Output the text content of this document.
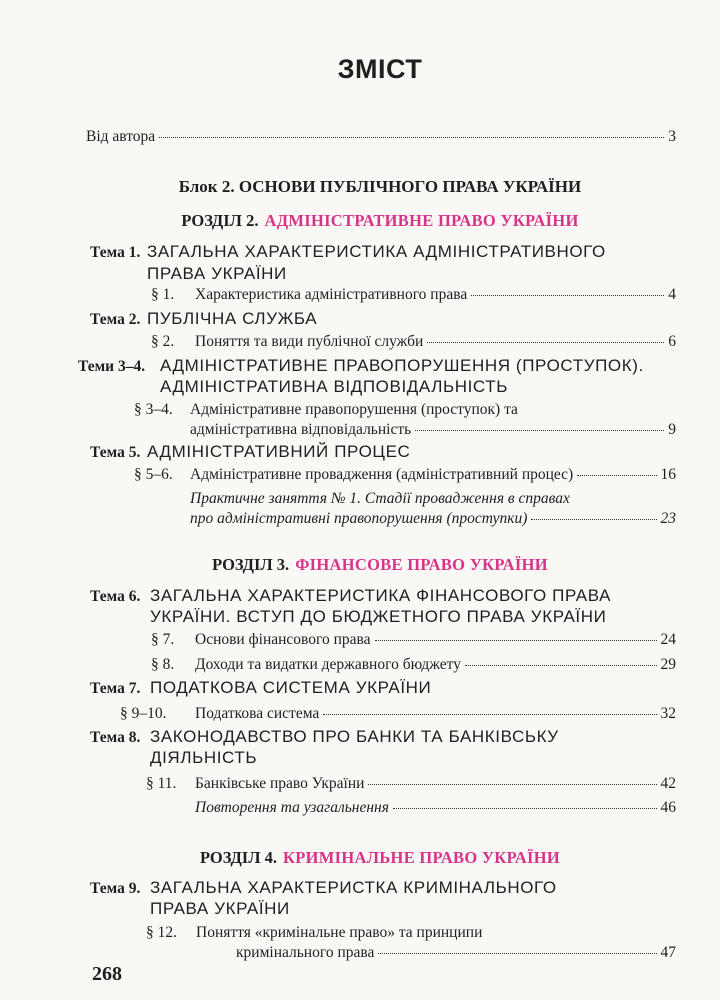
ЗМІСТ
Від автора	3
Блок 2. ОСНОВИ ПУБЛІЧНОГО ПРАВА УКРАЇНИ
РОЗДІЛ 2. АДМІНІСТРАТИВНЕ ПРАВО УКРАЇНИ
Тема 1. ЗАГАЛЬНА ХАРАКТЕРИСТИКА АДМІНІСТРАТИВНОГО
ПРАВА УКРАЇНИ
§ 1. Характеристика адміністративного права	4
Тема 2. ПУБЛІЧНА СЛУЖБА
§ 2. Поняття та види публічної служби	6
Теми 3–4. АДМІНІСТРАТИВНЕ ПРАВОПОРУШЕННЯ (ПРОСТУПОК).
АДМІНІСТРАТИВНА ВІДПОВІДАЛЬНІСТЬ
§ 3–4. Адміністративне правопорушення (проступок) та
адміністративна відповідальність	9
Тема 5. АДМІНІСТРАТИВНИЙ ПРОЦЕС
§ 5–6. Адміністративне провадження (адміністративний процес)	16
Практичне заняття № 1. Стадії провадження в справах
про адміністративні правопорушення (проступки)	23
РОЗДІЛ 3. ФІНАНСОВЕ ПРАВО УКРАЇНИ
Тема 6. ЗАГАЛЬНА ХАРАКТЕРИСТИКА ФІНАНСОВОГО ПРАВА
УКРАЇНИ. ВСТУП ДО БЮДЖЕТНОГО ПРАВА УКРАЇНИ
§ 7. Основи фінансового права	24
§ 8. Доходи та видатки державного бюджету	29
Тема 7. ПОДАТКОВА СИСТЕМА УКРАЇНИ
§ 9–10. Податкова система	32
Тема 8. ЗАКОНОДАВСТВО ПРО БАНКИ ТА БАНКІВСЬКУ
ДІЯЛЬНІСТЬ
§ 11. Банківське право України	42
Повторення та узагальнення	46
РОЗДІЛ 4. КРИМІНАЛЬНЕ ПРАВО УКРАЇНИ
Тема 9. ЗАГАЛЬНА ХАРАКТЕРИСТКА КРИМІНАЛЬНОГО
ПРАВА УКРАЇНИ
§ 12. Поняття «кримінальне право» та принципи
кримінального права	47
268
